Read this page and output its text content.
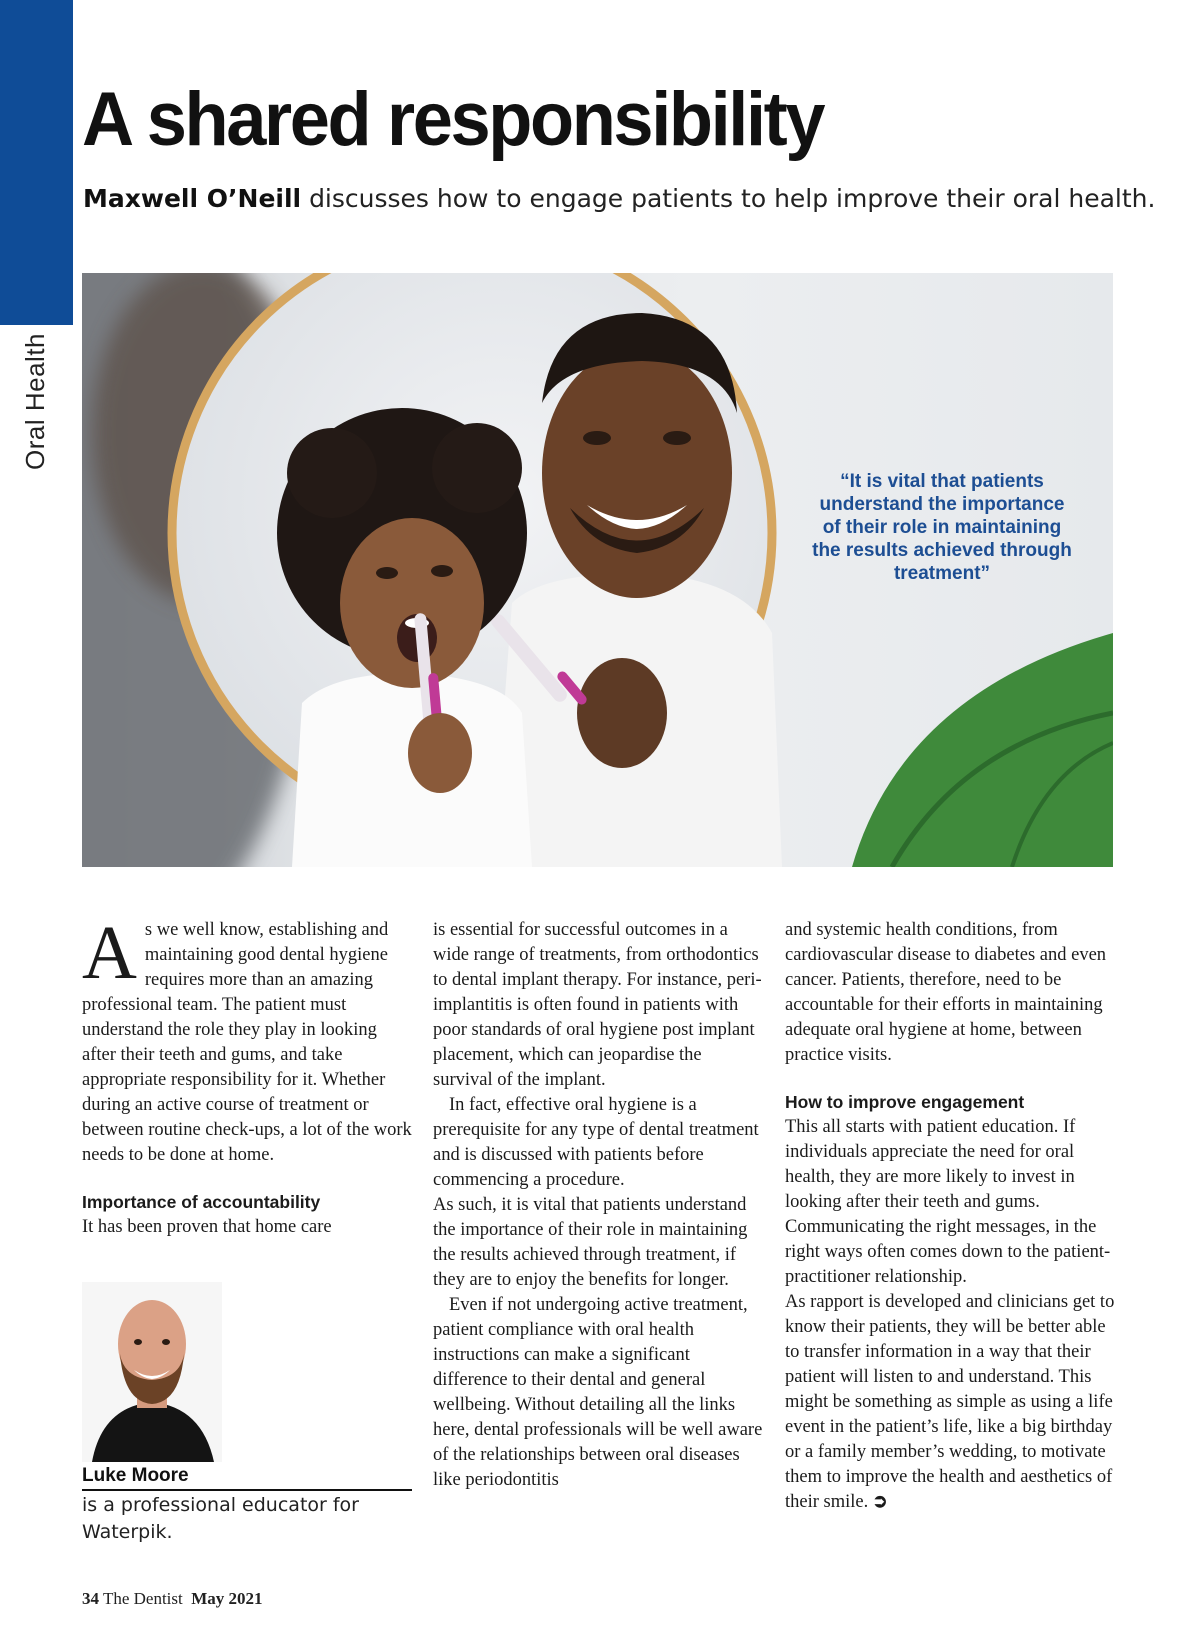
Oral Health
A shared responsibility

Maxwell O’Neill discusses how to engage patients to help improve their oral health.

“It is vital that patients understand the importance of their role in maintaining the results achieved through treatment”

As we well know, establishing and maintaining good dental hygiene requires more than an amazing professional team. The patient must understand the role they play in looking after their teeth and gums, and take appropriate responsibility for it. Whether during an active course of treatment or between routine check-ups, a lot of the work needs to be done at home.

Importance of accountability

It has been proven that home care

is essential for successful outcomes in a wide range of treatments, from orthodontics to dental implant therapy. For instance, peri-implantitis is often found in patients with poor standards of oral hygiene post implant placement, which can jeopardise the survival of the implant.

In fact, effective oral hygiene is a prerequisite for any type of dental treatment and is discussed with patients before commencing a procedure.

As such, it is vital that patients understand the importance of their role in maintaining the results achieved through treatment, if they are to enjoy the benefits for longer.

Even if not undergoing active treatment, patient compliance with oral health instructions can make a significant difference to their dental and general wellbeing. Without detailing all the links here, dental professionals will be well aware of the relationships between oral diseases like periodontitis

and systemic health conditions, from cardiovascular disease to diabetes and even cancer. Patients, therefore, need to be accountable for their efforts in maintaining adequate oral hygiene at home, between practice visits.

How to improve engagement

This all starts with patient education. If individuals appreciate the need for oral health, they are more likely to invest in looking after their teeth and gums.

Communicating the right messages, in the right ways often comes down to the patient-practitioner relationship.

As rapport is developed and clinicians get to know their patients, they will be better able to transfer information in a way that their patient will listen to and understand. This might be something as simple as using a life event in the patient’s life, like a big birthday or a family member’s wedding, to motivate them to improve the health and aesthetics of their smile. ➲

Luke Moore

is a professional educator for Waterpik.

34 The Dentist May 2021
